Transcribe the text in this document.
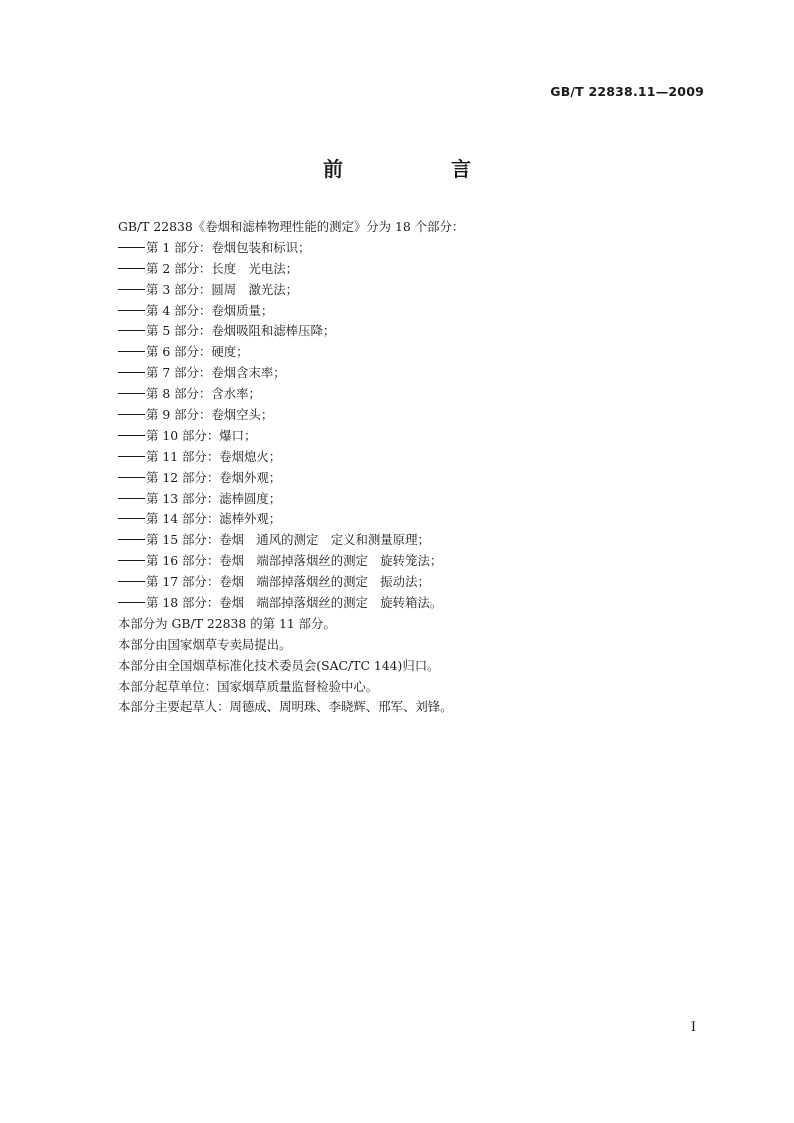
GB/T 22838.11—2009
前　言
GB/T 22838《卷烟和滤棒物理性能的测定》分为 18 个部分：
第 1 部分：卷烟包装和标识；
第 2 部分：长度　光电法；
第 3 部分：圆周　激光法；
第 4 部分：卷烟质量；
第 5 部分：卷烟吸阻和滤棒压降；
第 6 部分：硬度；
第 7 部分：卷烟含末率；
第 8 部分：含水率；
第 9 部分：卷烟空头；
第 10 部分：爆口；
第 11 部分：卷烟熄火；
第 12 部分：卷烟外观；
第 13 部分：滤棒圆度；
第 14 部分：滤棒外观；
第 15 部分：卷烟　通风的测定　定义和测量原理；
第 16 部分：卷烟　端部掉落烟丝的测定　旋转笼法；
第 17 部分：卷烟　端部掉落烟丝的测定　振动法；
第 18 部分：卷烟　端部掉落烟丝的测定　旋转箱法。
本部分为 GB/T 22838 的第 11 部分。
本部分由国家烟草专卖局提出。
本部分由全国烟草标准化技术委员会(SAC/TC 144)归口。
本部分起草单位：国家烟草质量监督检验中心。
本部分主要起草人：周德成、周明珠、李晓辉、邢军、刘锋。
I
